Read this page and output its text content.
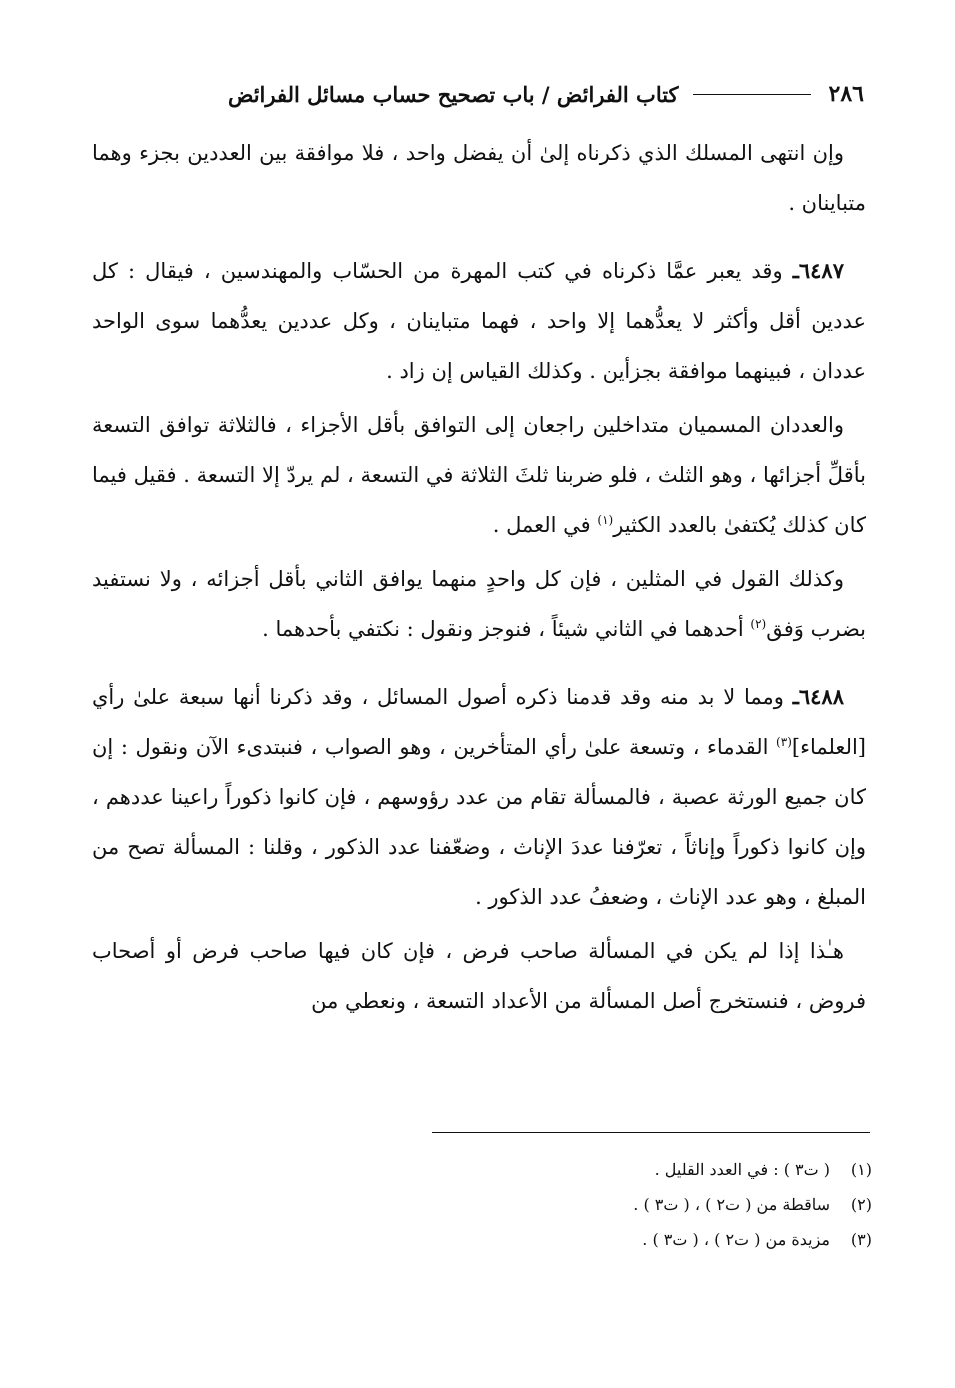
٢٨٦
كتاب الفرائض / باب تصحيح حساب مسائل الفرائض

وإن انتهى المسلك الذي ذكرناه إلىٰ أن يفضل واحد ، فلا موافقة بين العددين بجزء وهما متباينان .

٦٤٨٧ـ وقد يعبر عمَّا ذكرناه في كتب المهرة من الحسّاب والمهندسين ، فيقال : كل عددين أقل وأكثر لا يعدُّهما إلا واحد ، فهما متباينان ، وكل عددين يعدُّهما سوى الواحد عددان ، فبينهما موافقة بجزأين . وكذلك القياس إن زاد .

والعددان المسميان متداخلين راجعان إلى التوافق بأقل الأجزاء ، فالثلاثة توافق التسعة بأقلِّ أجزائها ، وهو الثلث ، فلو ضربنا ثلثَ الثلاثة في التسعة ، لم يردّ إلا التسعة . فقيل فيما كان كذلك يُكتفىٰ بالعدد الكثير$^{(١)}$ في العمل .

وكذلك القول في المثلين ، فإن كل واحدٍ منهما يوافق الثاني بأقل أجزائه ، ولا نستفيد بضرب وَفق$^{(٢)}$ أحدهما في الثاني شيئاً ، فنوجز ونقول : نكتفي بأحدهما .

٦٤٨٨ـ ومما لا بد منه وقد قدمنا ذكره أصول المسائل ، وقد ذكرنا أنها سبعة علىٰ رأي [العلماء]$^{(٣)}$ القدماء ، وتسعة علىٰ رأي المتأخرين ، وهو الصواب ، فنبتدىء الآن ونقول : إن كان جميع الورثة عصبة ، فالمسألة تقام من عدد رؤوسهم ، فإن كانوا ذكوراً راعينا عددهم ، وإن كانوا ذكوراً وإناثاً ، تعرّفنا عددَ الإناث ، وضعّفنا عدد الذكور ، وقلنا : المسألة تصح من المبلغ ، وهو عدد الإناث ، وضعفُ عدد الذكور .

هـٰذا إذا لم يكن في المسألة صاحب فرض ، فإن كان فيها صاحب فرض أو أصحاب فروض ، فنستخرج أصل المسألة من الأعداد التسعة ، ونعطي من

(١)
( ت٣ ) : في العدد القليل .
(٢)
ساقطة من ( ت٢ ) ، ( ت٣ ) .
(٣)
مزيدة من ( ت٢ ) ، ( ت٣ ) .
